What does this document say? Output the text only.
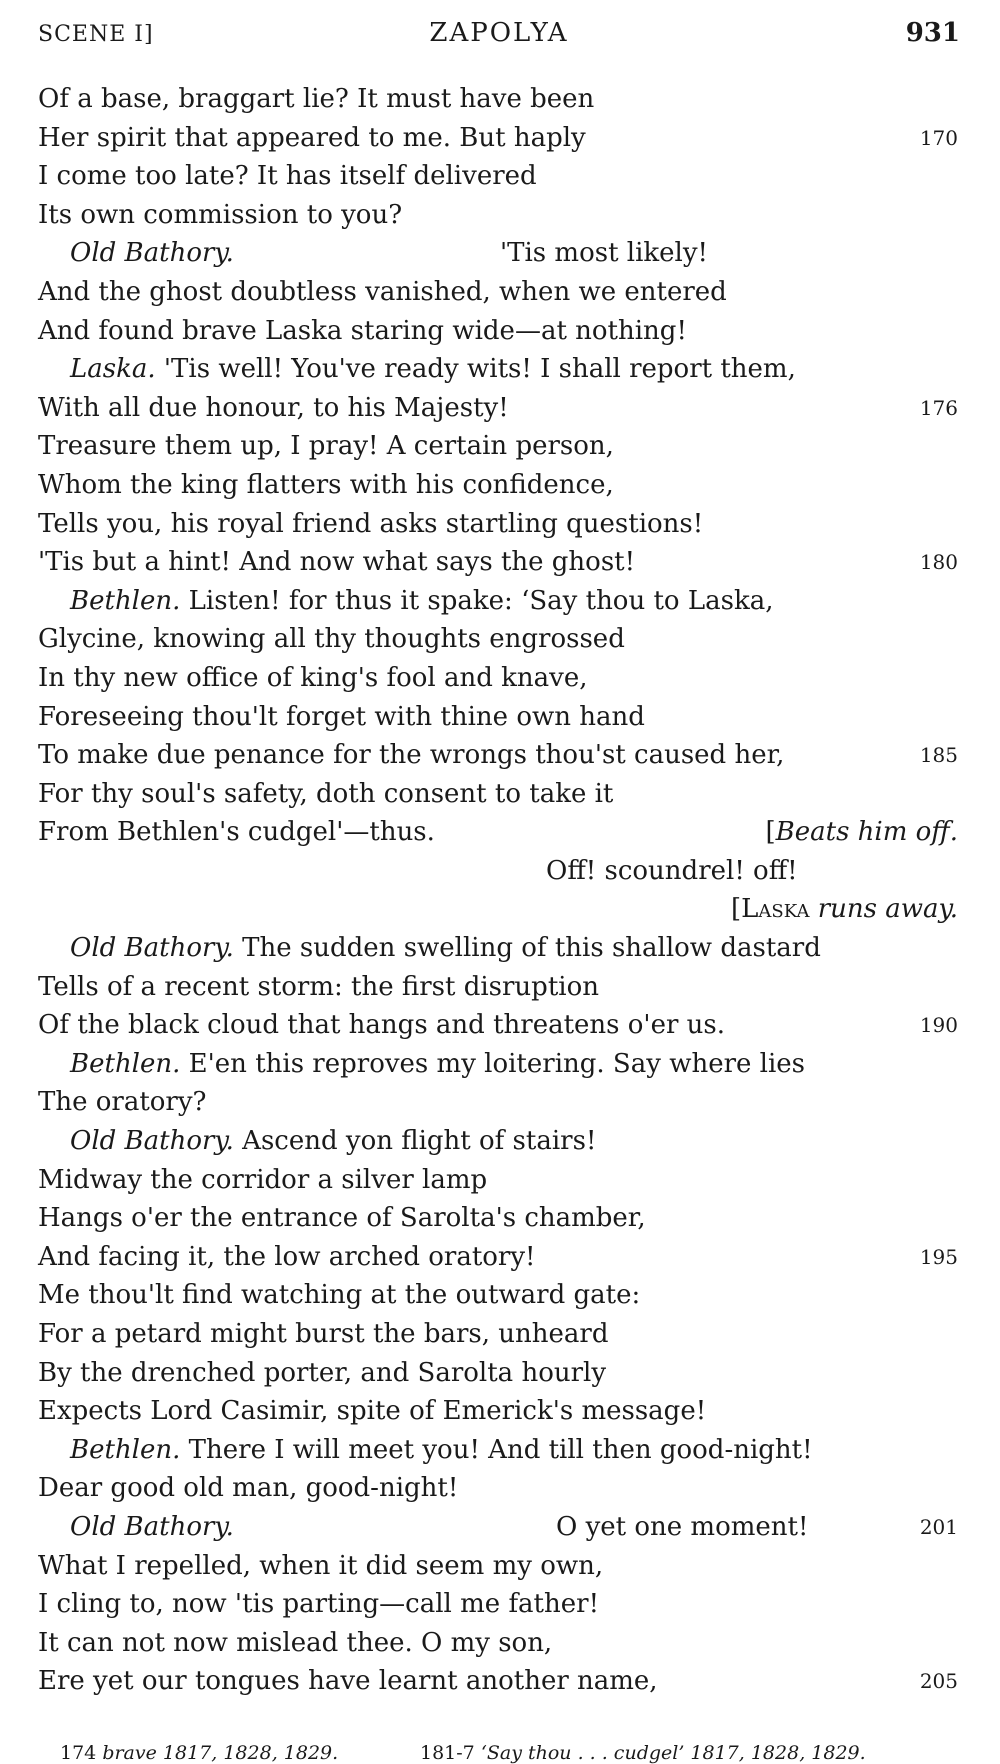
SCENE I]	ZAPOLYA	931
Of a base, braggart lie? It must have been
Her spirit that appeared to me. But haply	170
I come too late? It has itself delivered
Its own commission to you?
Old Bathory.	'Tis most likely!
And the ghost doubtless vanished, when we entered
And found brave Laska staring wide—at nothing!
Laska. 'Tis well! You've ready wits! I shall report them,
With all due honour, to his Majesty!	176
Treasure them up, I pray! A certain person,
Whom the king flatters with his confidence,
Tells you, his royal friend asks startling questions!
'Tis but a hint! And now what says the ghost!	180
Bethlen. Listen! for thus it spake: ‘Say thou to Laska,
Glycine, knowing all thy thoughts engrossed
In thy new office of king's fool and knave,
Foreseeing thou'lt forget with thine own hand
To make due penance for the wrongs thou'st caused her,	185
For thy soul's safety, doth consent to take it
From Bethlen's cudgel'—thus.	[Beats him off.
Off! scoundrel! off!
[Laska runs away.
Old Bathory. The sudden swelling of this shallow dastard
Tells of a recent storm: the first disruption
Of the black cloud that hangs and threatens o'er us.	190
Bethlen. E'en this reproves my loitering. Say where lies
The oratory?
Old Bathory. Ascend yon flight of stairs!
Midway the corridor a silver lamp
Hangs o'er the entrance of Sarolta's chamber,
And facing it, the low arched oratory!	195
Me thou'lt find watching at the outward gate:
For a petard might burst the bars, unheard
By the drenched porter, and Sarolta hourly
Expects Lord Casimir, spite of Emerick's message!
Bethlen. There I will meet you! And till then good-night!
Dear good old man, good-night!
Old Bathory.	O yet one moment!	201
What I repelled, when it did seem my own,
I cling to, now 'tis parting—call me father!
It can not now mislead thee. O my son,
Ere yet our tongues have learnt another name,	205
174 brave 1817, 1828, 1829.	181-7 ‘Say thou . . . cudgel’ 1817, 1828, 1829.
